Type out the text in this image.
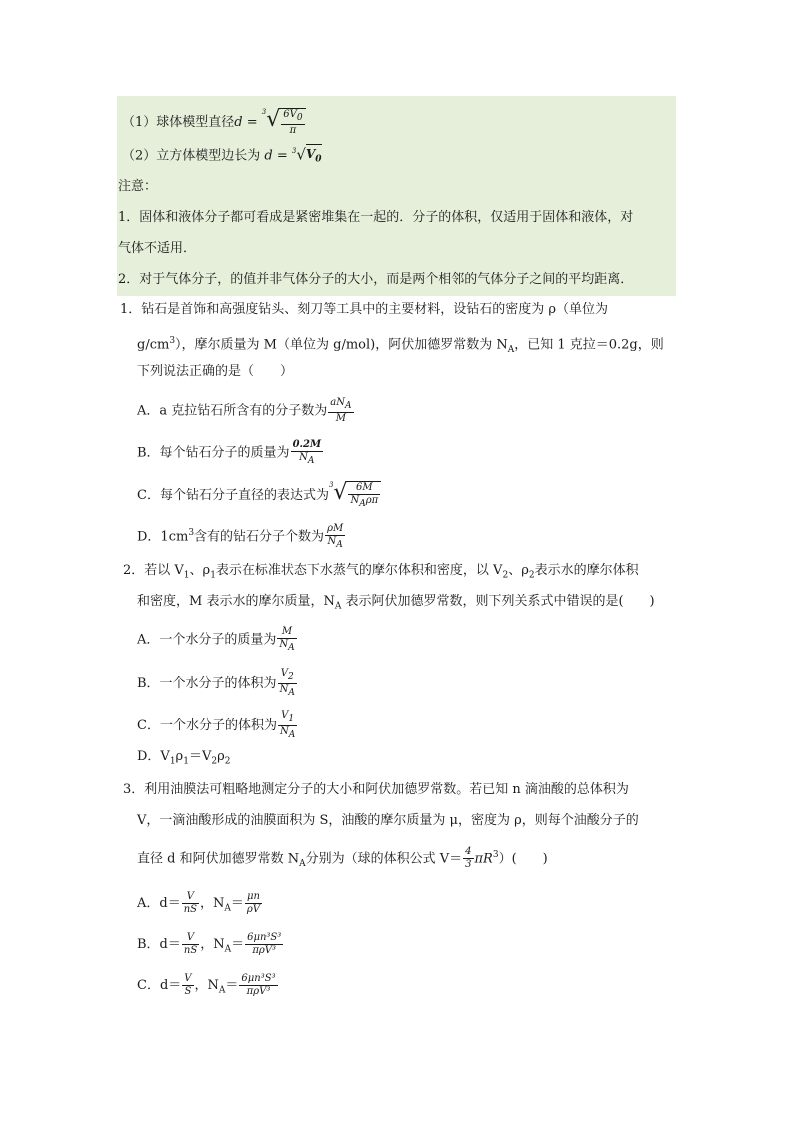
（1）球体模型直径$d = ^3√ \frac{6V_0}{\pi}$
（2）立方体模型边长为 $d = ^3√V_0$
注意：
1．固体和液体分子都可看成是紧密堆集在一起的．分子的体积，仅适用于固体和液体，对
气体不适用．
2．对于气体分子，的值并非气体分子的大小，而是两个相邻的气体分子之间的平均距离．
1．钻石是首饰和高强度钻头、刻刀等工具中的主要材料，设钻石的密度为 ρ（单位为
$g/cm^3$），摩尔质量为 M（单位为 g/mol)，阿伏加德罗常数为 $N_A$，已知 1 克拉＝0.2g，则
下列说法正确的是（　　）
A．a 克拉钻石所含有的分子数为 $\frac{aN_A}{M}$
B．每个钻石分子的质量为 $\frac{0.2M}{N_A}$
C．每个钻石分子直径的表达式为$^3√ \frac{6M}{N_A\rho\pi}$
D．$1cm^3$含有的钻石分子个数为 $\frac{\rho M}{N_A}$
2．若以 $V_1$、$\rho_1$表示在标准状态下水蒸气的摩尔体积和密度，以 $V_2$、$\rho_2$表示水的摩尔体积
和密度，M 表示水的摩尔质量，$N_A$ 表示阿伏加德罗常数，则下列关系式中错误的是(　　)
A．一个水分子的质量为 $\frac{M}{N_A}$
B．一个水分子的体积为 $\frac{V_2}{N_A}$
C．一个水分子的体积为 $\frac{V_1}{N_A}$
D．$V_1\rho_1=V_2\rho_2$
3．利用油膜法可粗略地测定分子的大小和阿伏加德罗常数。若已知 n 滴油酸的总体积为
V，一滴油酸形成的油膜面积为 S，油酸的摩尔质量为 μ，密度为 ρ，则每个油酸分子的
直径 d 和阿伏加德罗常数 $N_A$分别为（球的体积公式 $V= \frac{4}{3} \pi R^3$）(　　)
A．$d= \frac{V}{nS}$ ，$N_A= \frac{\mu n}{\rho V}$
B．$d= \frac{V}{nS}$ ，$N_A= \frac{\text{6μn³S³}}{\text{πρV³}}$
C．$d= \frac{V}{S}$ ，$N_A= \frac{\text{6μn³S³}}{\text{πρV³}}$
